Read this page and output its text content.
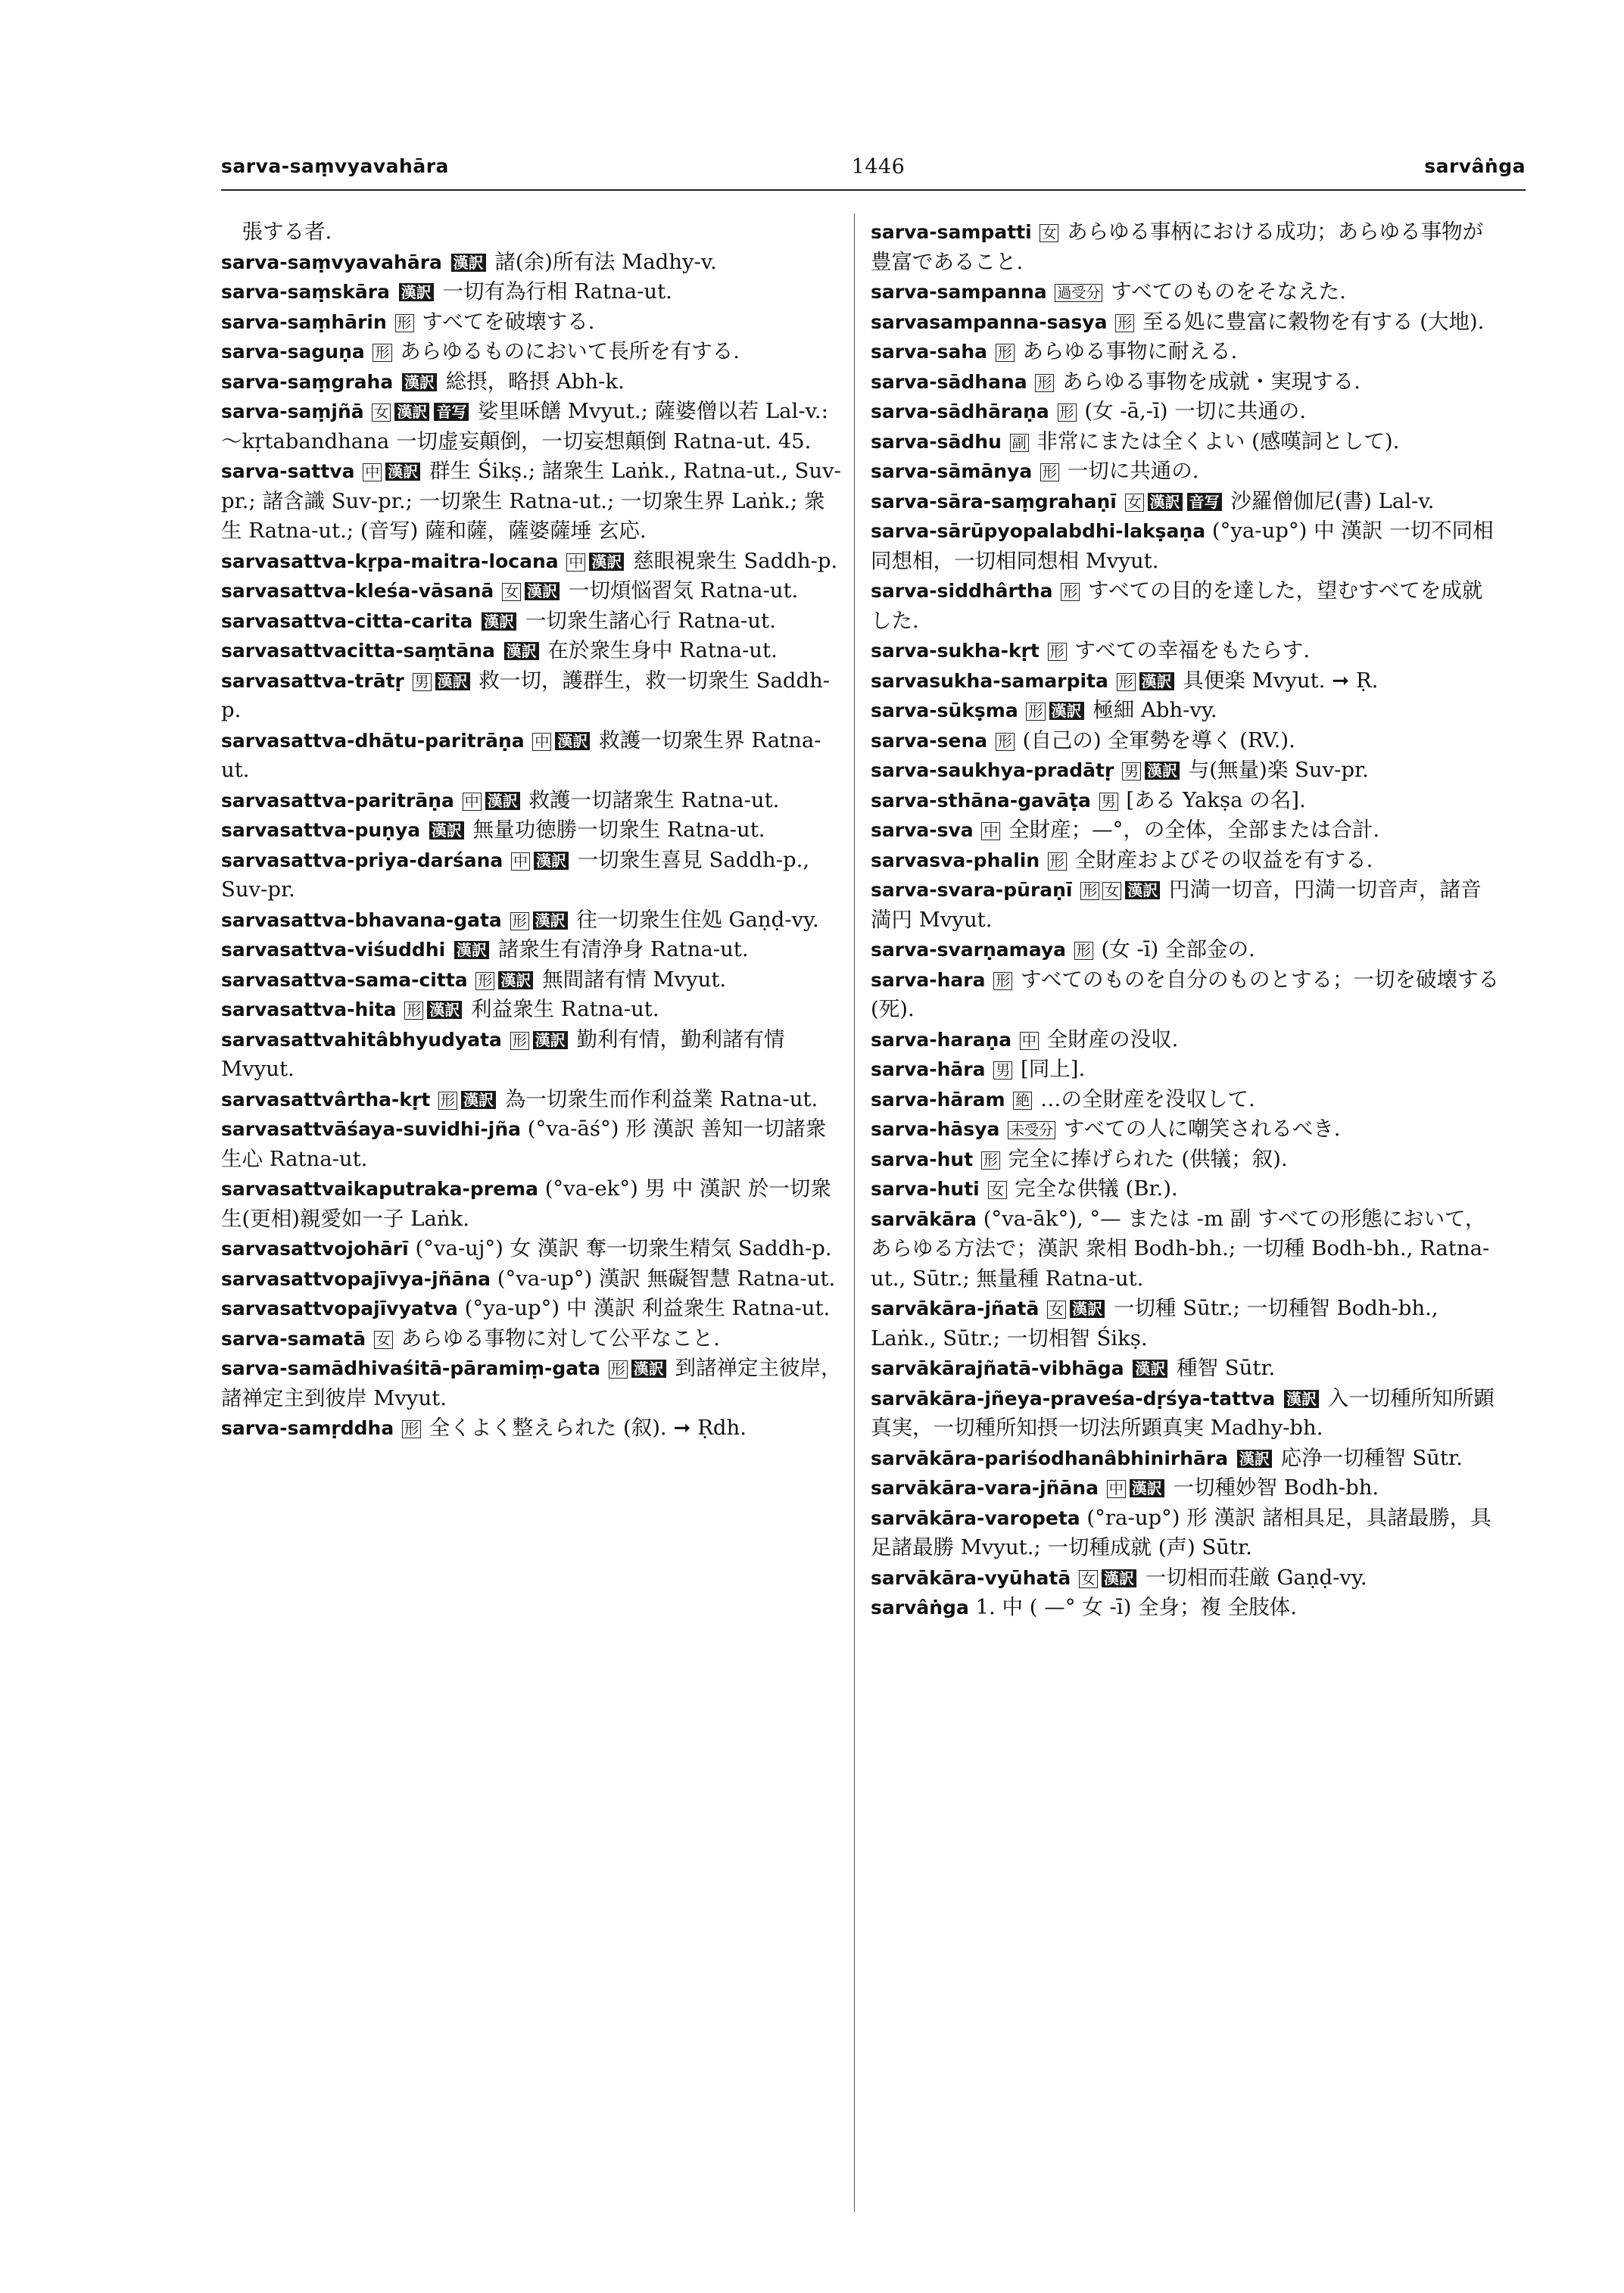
sarva-saṃvyavahāra	1446	sarvâṅga
　張する者.
sarva-saṃvyavahāra 漢訳 諸(余)所有法 Madhy-v.
sarva-saṃskāra 漢訳 一切有為行相 Ratna-ut.
sarva-saṃhārin 形 すべてを破壊する.
sarva-saguṇa 形 あらゆるものにおいて長所を有する.
sarva-saṃgraha 漢訳 総摂，略摂 Abh-k.
sarva-saṃjñā 女 漢訳 音写 娑里咊饍 Mvyut.; 薩婆僧以若 Lal-v.: ～kṛtabandhana 一切虚妄顛倒，一切妄想顛倒 Ratna-ut. 45.
sarva-sattva 中 漢訳 群生 Śikṣ.; 諸衆生 Laṅk., Ratna-ut., Suv-pr.; 諸含識 Suv-pr.; 一切衆生 Ratna-ut.; 一切衆生界 Laṅk.; 衆生 Ratna-ut.; (音写) 薩和薩，薩婆薩埵 玄応.
sarvasattva-kṛpa-maitra-locana 中 漢訳 慈眼視衆生 Saddh-p.
sarvasattva-kleśa-vāsanā 女 漢訳 一切煩悩習気 Ratna-ut.
sarvasattva-citta-carita 漢訳 一切衆生諸心行 Ratna-ut.
sarvasattvacitta-saṃtāna 漢訳 在於衆生身中 Ratna-ut.
sarvasattva-trātṛ 男 漢訳 救一切，護群生，救一切衆生 Saddh-p.
sarvasattva-dhātu-paritrāṇa 中 漢訳 救護一切衆生界 Ratna-ut.
sarvasattva-paritrāṇa 中 漢訳 救護一切諸衆生 Ratna-ut.
sarvasattva-puṇya 漢訳 無量功徳勝一切衆生 Ratna-ut.
sarvasattva-priya-darśana 中 漢訳 一切衆生喜見 Saddh-p., Suv-pr.
sarvasattva-bhavana-gata 形 漢訳 往一切衆生住処 Gaṇḍ-vy.
sarvasattva-viśuddhi 漢訳 諸衆生有清浄身 Ratna-ut.
sarvasattva-sama-citta 形 漢訳 無間諸有情 Mvyut.
sarvasattva-hita 形 漢訳 利益衆生 Ratna-ut.
sarvasattvahitâbhyudyata 形 漢訳 勤利有情，勤利諸有情 Mvyut.
sarvasattvârtha-kṛt 形 漢訳 為一切衆生而作利益業 Ratna-ut.
sarvasattvāśaya-suvidhi-jña (°va-āś°) 形 漢訳 善知一切諸衆生心 Ratna-ut.
sarvasattvaikaputraka-prema (°va-ek°) 男 中 漢訳 於一切衆生(更相)親愛如一子 Laṅk.
sarvasattvojohārī (°va-uj°) 女 漢訳 奪一切衆生精気 Saddh-p.
sarvasattvopajīvya-jñāna (°va-up°) 漢訳 無礙智慧 Ratna-ut.
sarvasattvopajīvyatva (°ya-up°) 中 漢訳 利益衆生 Ratna-ut.
sarva-samatā 女 あらゆる事物に対して公平なこと.
sarva-samādhivaśitā-pāramiṃ-gata 形 漢訳 到諸禅定主彼岸，諸禅定主到彼岸 Mvyut.
sarva-samṛddha 形 全くよく整えられた (叙). ➞ Ṛdh.
sarva-sampatti 女 あらゆる事柄における成功；あらゆる事物が豊富であること.
sarva-sampanna 過受分 すべてのものをそなえた.
sarvasampanna-sasya 形 至る処に豊富に穀物を有する (大地).
sarva-saha 形 あらゆる事物に耐える.
sarva-sādhana 形 あらゆる事物を成就・実現する.
sarva-sādhāraṇa 形 (女 -ā,-ī) 一切に共通の.
sarva-sādhu 副 非常にまたは全くよい (感嘆詞として).
sarva-sāmānya 形 一切に共通の.
sarva-sāra-saṃgrahaṇī 女 漢訳 音写 沙羅僧伽尼(書) Lal-v.
sarva-sārūpyopalabdhi-lakṣaṇa (°ya-up°) 中 漢訳 一切不同相同想相，一切相同想相 Mvyut.
sarva-siddhârtha 形 すべての目的を達した，望むすべてを成就した.
sarva-sukha-kṛt 形 すべての幸福をもたらす.
sarvasukha-samarpita 形 漢訳 具便楽 Mvyut. ➞ Ṛ.
sarva-sūkṣma 形 漢訳 極細 Abh-vy.
sarva-sena 形 (自己の) 全軍勢を導く (RV.).
sarva-saukhya-pradātṛ 男 漢訳 与(無量)楽 Suv-pr.
sarva-sthāna-gavāṭa 男 [ある Yakṣa の名].
sarva-sva 中 全財産；—°，の全体，全部または合計.
sarvasva-phalin 形 全財産およびその収益を有する.
sarva-svara-pūraṇī 形 女 漢訳 円満一切音，円満一切音声，諸音満円 Mvyut.
sarva-svarṇamaya 形 (女 -ī) 全部金の.
sarva-hara 形 すべてのものを自分のものとする；一切を破壊する (死).
sarva-haraṇa 中 全財産の没収.
sarva-hāra 男 [同上].
sarva-hāram 絶 …の全財産を没収して.
sarva-hāsya 未受分 すべての人に嘲笑されるべき.
sarva-hut 形 完全に捧げられた (供犠；叙).
sarva-huti 女 完全な供犠 (Br.).
sarvākāra (°va-āk°), °— または -m 副 すべての形態において，あらゆる方法で；漢訳 衆相 Bodh-bh.; 一切種 Bodh-bh., Ratna-ut., Sūtr.; 無量種 Ratna-ut.
sarvākāra-jñatā 女 漢訳 一切種 Sūtr.; 一切種智 Bodh-bh., Laṅk., Sūtr.; 一切相智 Śikṣ.
sarvākārajñatā-vibhāga 漢訳 種智 Sūtr.
sarvākāra-jñeya-praveśa-dṛśya-tattva 漢訳 入一切種所知所顕真実，一切種所知摂一切法所顕真実 Madhy-bh.
sarvākāra-pariśodhanâbhinirhāra 漢訳 応浄一切種智 Sūtr.
sarvākāra-vara-jñāna 中 漢訳 一切種妙智 Bodh-bh.
sarvākāra-varopeta (°ra-up°) 形 漢訳 諸相具足，具諸最勝，具足諸最勝 Mvyut.; 一切種成就 (声) Sūtr.
sarvākāra-vyūhatā 女 漢訳 一切相而荘厳 Gaṇḍ-vy.
sarvâṅga 1. 中 ( —° 女 -ī) 全身；複 全肢体.
